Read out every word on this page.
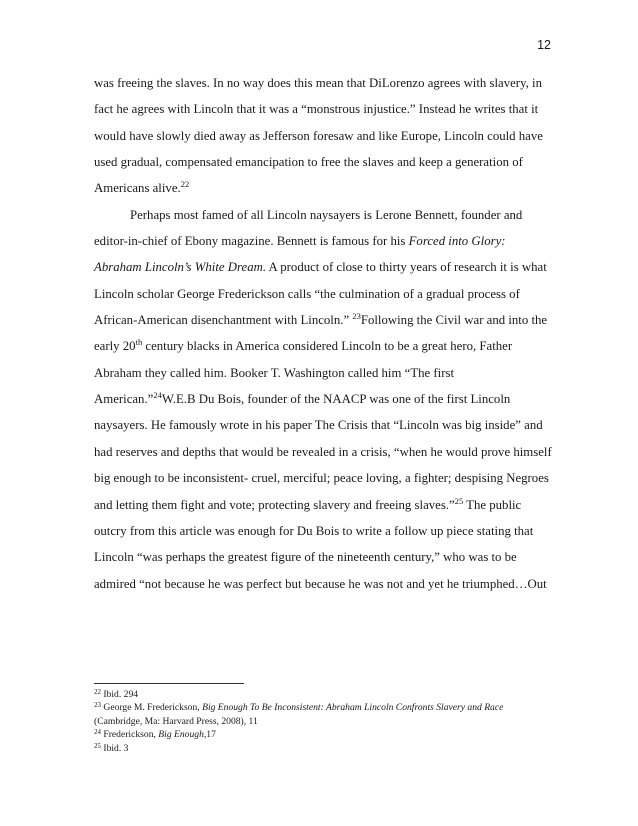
12
was freeing the slaves. In no way does this mean that DiLorenzo agrees with slavery, in
fact he agrees with Lincoln that it was a “monstrous injustice.” Instead he writes that it
would have slowly died away as Jefferson foresaw and like Europe, Lincoln could have
used gradual, compensated emancipation to free the slaves and keep a generation of
Americans alive.$^{22}$
Perhaps most famed of all Lincoln naysayers is Lerone Bennett, founder and
editor-in-chief of Ebony magazine. Bennett is famous for his Forced into Glory:
Abraham Lincoln’s White Dream. A product of close to thirty years of research it is what
Lincoln scholar George Frederickson calls “the culmination of a gradual process of
African-American disenchantment with Lincoln.” $^{23}$Following the Civil war and into the
early 20th century blacks in America considered Lincoln to be a great hero, Father
Abraham they called him. Booker T. Washington called him “The first
American.”$^{24}$W.E.B Du Bois, founder of the NAACP was one of the first Lincoln
naysayers. He famously wrote in his paper The Crisis that “Lincoln was big inside” and
had reserves and depths that would be revealed in a crisis, “when he would prove himself
big enough to be inconsistent- cruel, merciful; peace loving, a fighter; despising Negroes
and letting them fight and vote; protecting slavery and freeing slaves.”$^{25}$ The public
outcry from this article was enough for Du Bois to write a follow up piece stating that
Lincoln “was perhaps the greatest figure of the nineteenth century,” who was to be
admired “not because he was perfect but because he was not and yet he triumphed…Out
$^{22}$ Ibid. 294
$^{23}$ George M. Frederickson, Big Enough To Be Inconsistent: Abraham Lincoln Confronts Slavery and Race
(Cambridge, Ma: Harvard Press, 2008), 11
$^{24}$ Frederickson, Big Enough,17
$^{25}$ Ibid. 3
